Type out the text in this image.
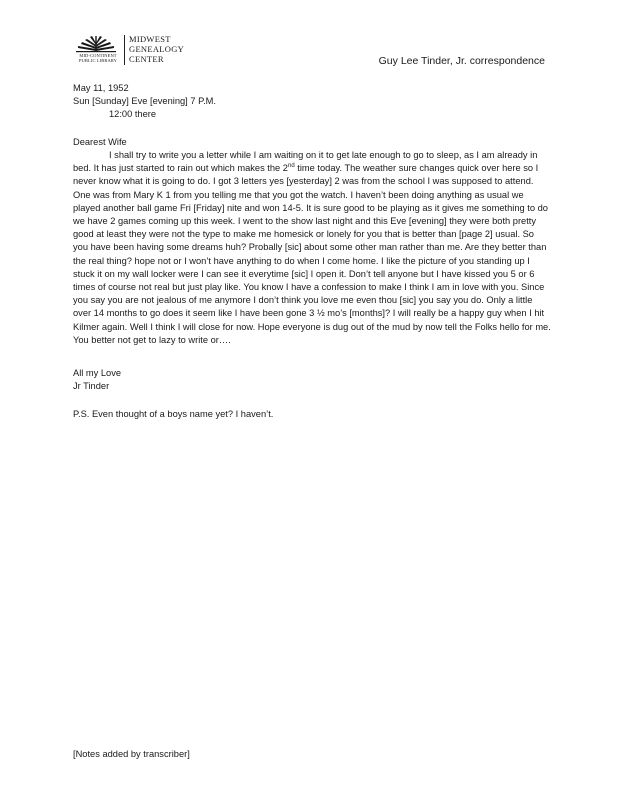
MID-CONTINENT
PUBLIC LIBRARY
MIDWEST
GENEALOGY
CENTER	Guy Lee Tinder, Jr. correspondence
May 11, 1952
Sun [Sunday] Eve [evening] 7 P.M.
12:00 there
Dearest Wife

I shall try to write you a letter while I am waiting on it to get late enough to go to sleep, as I am already in bed. It has just started to rain out which makes the 2nd time today. The weather sure changes quick over here so I never know what it is going to do. I got 3 letters yes [yesterday] 2 was from the school I was supposed to attend. One was from Mary K 1 from you telling me that you got the watch. I haven’t been doing anything as usual we played another ball game Fri [Friday] nite and won 14-5. It is sure good to be playing as it gives me something to do we have 2 games coming up this week. I went to the show last night and this Eve [evening] they were both pretty good at least they were not the type to make me homesick or lonely for you that is better than [page 2] usual. So you have been having some dreams huh? Probally [sic] about some other man rather than me. Are they better than the real thing? hope not or I won’t have anything to do when I come home. I like the picture of you standing up I stuck it on my wall locker were I can see it everytime [sic] I open it. Don’t tell anyone but I have kissed you 5 or 6 times of course not real but just play like. You know I have a confession to make I think I am in love with you. Since you say you are not jealous of me anymore I don’t think you love me even thou [sic] you say you do. Only a little over 14 months to go does it seem like I have been gone 3 ½ mo’s [months]? I will really be a happy guy when I hit Kilmer again. Well I think I will close for now. Hope everyone is dug out of the mud by now tell the Folks hello for me. You better not get to lazy to write or….

All my Love
Jr Tinder
P.S. Even thought of a boys name yet? I haven’t.
[Notes added by transcriber]
